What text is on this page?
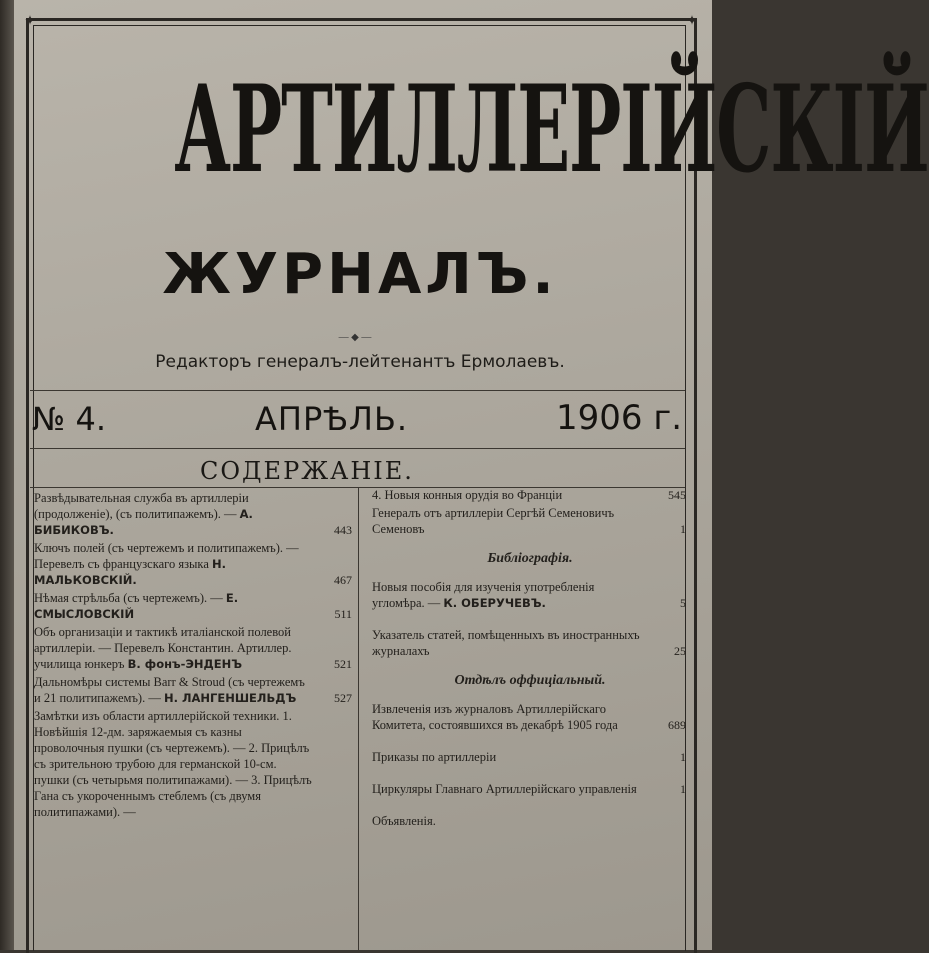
✦	✦
АРТИЛЛЕРІЙСКІЙ
ЖУРНАЛЪ.
— ◆ —
Редакторъ генералъ-лейтенантъ Ермолаевъ.
№ 4.	АПРѢЛЬ.	1906 г.
СОДЕРЖАНІЕ.
Развѣдывательная служба въ артиллеріи (продолженіе), (съ политипажемъ). — А. БИБИКОВЪ.	443
Ключъ полей (съ чертежемъ и политипажемъ). — Перевелъ съ французскаго языка Н. МАЛЬКОВСКІЙ.	467
Нѣмая стрѣльба (съ чертежемъ). — Е. СМЫСЛОВСКІЙ	511
Объ организаціи и тактикѣ италіанской полевой артиллеріи. — Перевелъ Константин. Артиллер. училища юнкеръ В. фонъ-ЭНДЕНЪ	521
Дальномѣры системы Barr & Stroud (съ чертежемъ и 21 политипажемъ). — Н. ЛАНГЕНШЕЛЬДЪ	527
Замѣтки изъ области артиллерійской техники. 1. Новѣйшія 12-дм. заряжаемыя съ казны проволочныя пушки (съ чертежемъ). — 2. Прицѣлъ съ зрительною трубою для германской 10-см. пушки (съ четырьмя политипажами). — 3. Прицѣлъ Гана съ укороченнымъ стеблемъ (съ двумя политипажами). —
4. Новыя конныя орудія во Франціи	545
Генералъ отъ артиллеріи Сергѣй Семеновичъ Семеновъ	1
Библіографія.
Новыя пособія для изученія употребленія угломѣра. — К. ОБЕРУЧЕВЪ.	5
Указатель статей, помѣщенныхъ въ иностранныхъ журналахъ	25
Отдѣлъ оффиціальный.
Извлеченія изъ журналовъ Артиллерійскаго Комитета, состоявшихся въ декабрѣ 1905 года	689
Приказы по артиллеріи	1
Циркуляры Главнаго Артиллерійскаго управленія	1
Объявленія.
